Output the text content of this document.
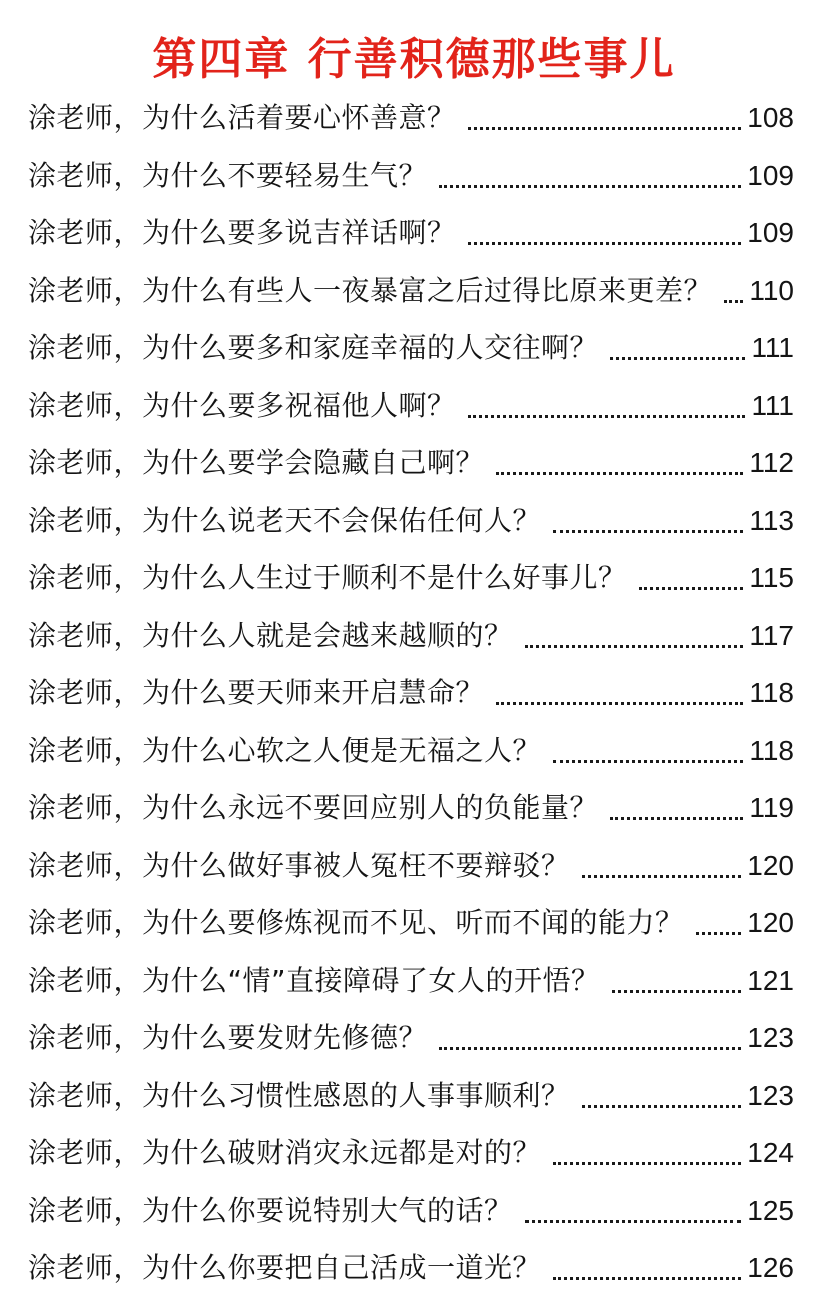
第四章 行善积德那些事儿
涂老师，为什么活着要心怀善意？	108
涂老师，为什么不要轻易生气？	109
涂老师，为什么要多说吉祥话啊？	109
涂老师，为什么有些人一夜暴富之后过得比原来更差？ 110
涂老师，为什么要多和家庭幸福的人交往啊？	111
涂老师，为什么要多祝福他人啊？	111
涂老师，为什么要学会隐藏自己啊？	112
涂老师，为什么说老天不会保佑任何人？	113
涂老师，为什么人生过于顺利不是什么好事儿？	115
涂老师，为什么人就是会越来越顺的？	117
涂老师，为什么要天师来开启慧命？	118
涂老师，为什么心软之人便是无福之人？	118
涂老师，为什么永远不要回应别人的负能量？	119
涂老师，为什么做好事被人冤枉不要辩驳？	120
涂老师，为什么要修炼视而不见、听而不闻的能力？ 120
涂老师，为什么“情”直接障碍了女人的开悟？	121
涂老师，为什么要发财先修德？	123
涂老师，为什么习惯性感恩的人事事顺利？	123
涂老师，为什么破财消灾永远都是对的？	124
涂老师，为什么你要说特别大气的话？	125
涂老师，为什么你要把自己活成一道光？	126
